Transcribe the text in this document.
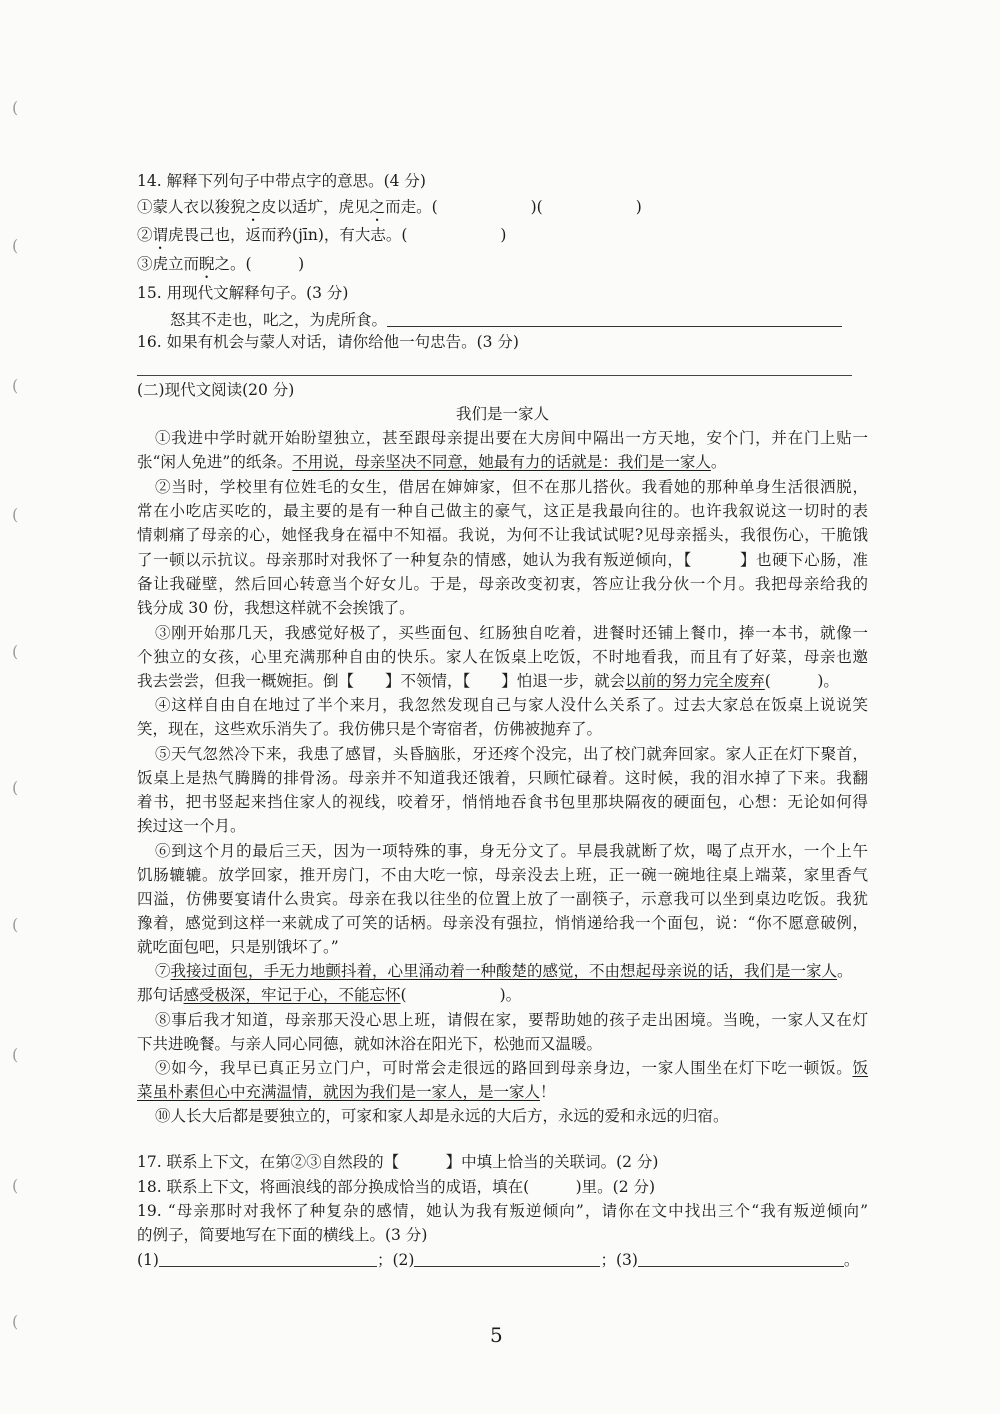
14. 解释下列句子中带点字的意思。(4 分)
①蒙人衣以狻猊之皮以适圹，虎见之而走。(　　　　　　)(　　　　　　)
②谓虎畏己也，返而矜(jīn)，有大志。(　　　　　　)
③虎立而睨之。(　　　)
15. 用现代文解释句子。(3 分)
怒其不走也，叱之，为虎所食。
16. 如果有机会与蒙人对话，请你给他一句忠告。(3 分)
(二)现代文阅读(20 分)
我们是一家人
①我进中学时就开始盼望独立，甚至跟母亲提出要在大房间中隔出一方天地，安个门，并在门上贴一
张“闲人免进”的纸条。不用说，母亲坚决不同意，她最有力的话就是：我们是一家人。
②当时，学校里有位姓毛的女生，借居在婶婶家，但不在那儿搭伙。我看她的那种单身生活很洒脱，
常在小吃店买吃的，最主要的是有一种自己做主的豪气，这正是我最向往的。也许我叙说这一切时的表
情刺痛了母亲的心，她怪我身在福中不知福。我说，为何不让我试试呢?见母亲摇头，我很伤心，干脆饿
了一顿以示抗议。母亲那时对我怀了一种复杂的情感，她认为我有叛逆倾向，【　　　】也硬下心肠，准
备让我碰壁，然后回心转意当个好女儿。于是，母亲改变初衷，答应让我分伙一个月。我把母亲给我的
钱分成 30 份，我想这样就不会挨饿了。
③刚开始那几天，我感觉好极了，买些面包、红肠独自吃着，进餐时还铺上餐巾，捧一本书，就像一
个独立的女孩，心里充满那种自由的快乐。家人在饭桌上吃饭，不时地看我，而且有了好菜，母亲也邀
我去尝尝，但我一概婉拒。倒【　　】不领情，【　　】怕退一步，就会以前的努力完全废弃(　　　)。
④这样自由自在地过了半个来月，我忽然发现自己与家人没什么关系了。过去大家总在饭桌上说说笑
笑，现在，这些欢乐消失了。我仿佛只是个寄宿者，仿佛被抛弃了。
⑤天气忽然冷下来，我患了感冒，头昏脑胀，牙还疼个没完，出了校门就奔回家。家人正在灯下聚首，
饭桌上是热气腾腾的排骨汤。母亲并不知道我还饿着，只顾忙碌着。这时候，我的泪水掉了下来。我翻
着书，把书竖起来挡住家人的视线，咬着牙，悄悄地吞食书包里那块隔夜的硬面包，心想：无论如何得
挨过这一个月。
⑥到这个月的最后三天，因为一项特殊的事，身无分文了。早晨我就断了炊，喝了点开水，一个上午
饥肠辘辘。放学回家，推开房门，不由大吃一惊，母亲没去上班，正一碗一碗地往桌上端菜，家里香气
四溢，仿佛要宴请什么贵宾。母亲在我以往坐的位置上放了一副筷子，示意我可以坐到桌边吃饭。我犹
豫着，感觉到这样一来就成了可笑的话柄。母亲没有强拉，悄悄递给我一个面包，说：“你不愿意破例，
就吃面包吧，只是别饿坏了。”
⑦我接过面包，手无力地颤抖着，心里涌动着一种酸楚的感觉，不由想起母亲说的话，我们是一家人。
那句话感受极深，牢记于心，不能忘怀(　　　　　　)。
⑧事后我才知道，母亲那天没心思上班，请假在家，要帮助她的孩子走出困境。当晚，一家人又在灯
下共进晚餐。与亲人同心同德，就如沐浴在阳光下，松弛而又温暖。
⑨如今，我早已真正另立门户，可时常会走很远的路回到母亲身边，一家人围坐在灯下吃一顿饭。饭
菜虽朴素但心中充满温情，就因为我们是一家人，是一家人！
⑩人长大后都是要独立的，可家和家人却是永远的大后方，永远的爱和永远的归宿。
17. 联系上下文，在第②③自然段的【　　　】中填上恰当的关联词。(2 分)
18. 联系上下文，将画浪线的部分换成恰当的成语，填在(　　　)里。(2 分)
19. “母亲那时对我怀了种复杂的感情，她认为我有叛逆倾向”，请你在文中找出三个“我有叛逆倾向”
的例子，简要地写在下面的横线上。(3 分)
(1)	；(2)	；(3)	。
5
(
(
(
(
(
(
(
(
(
(
